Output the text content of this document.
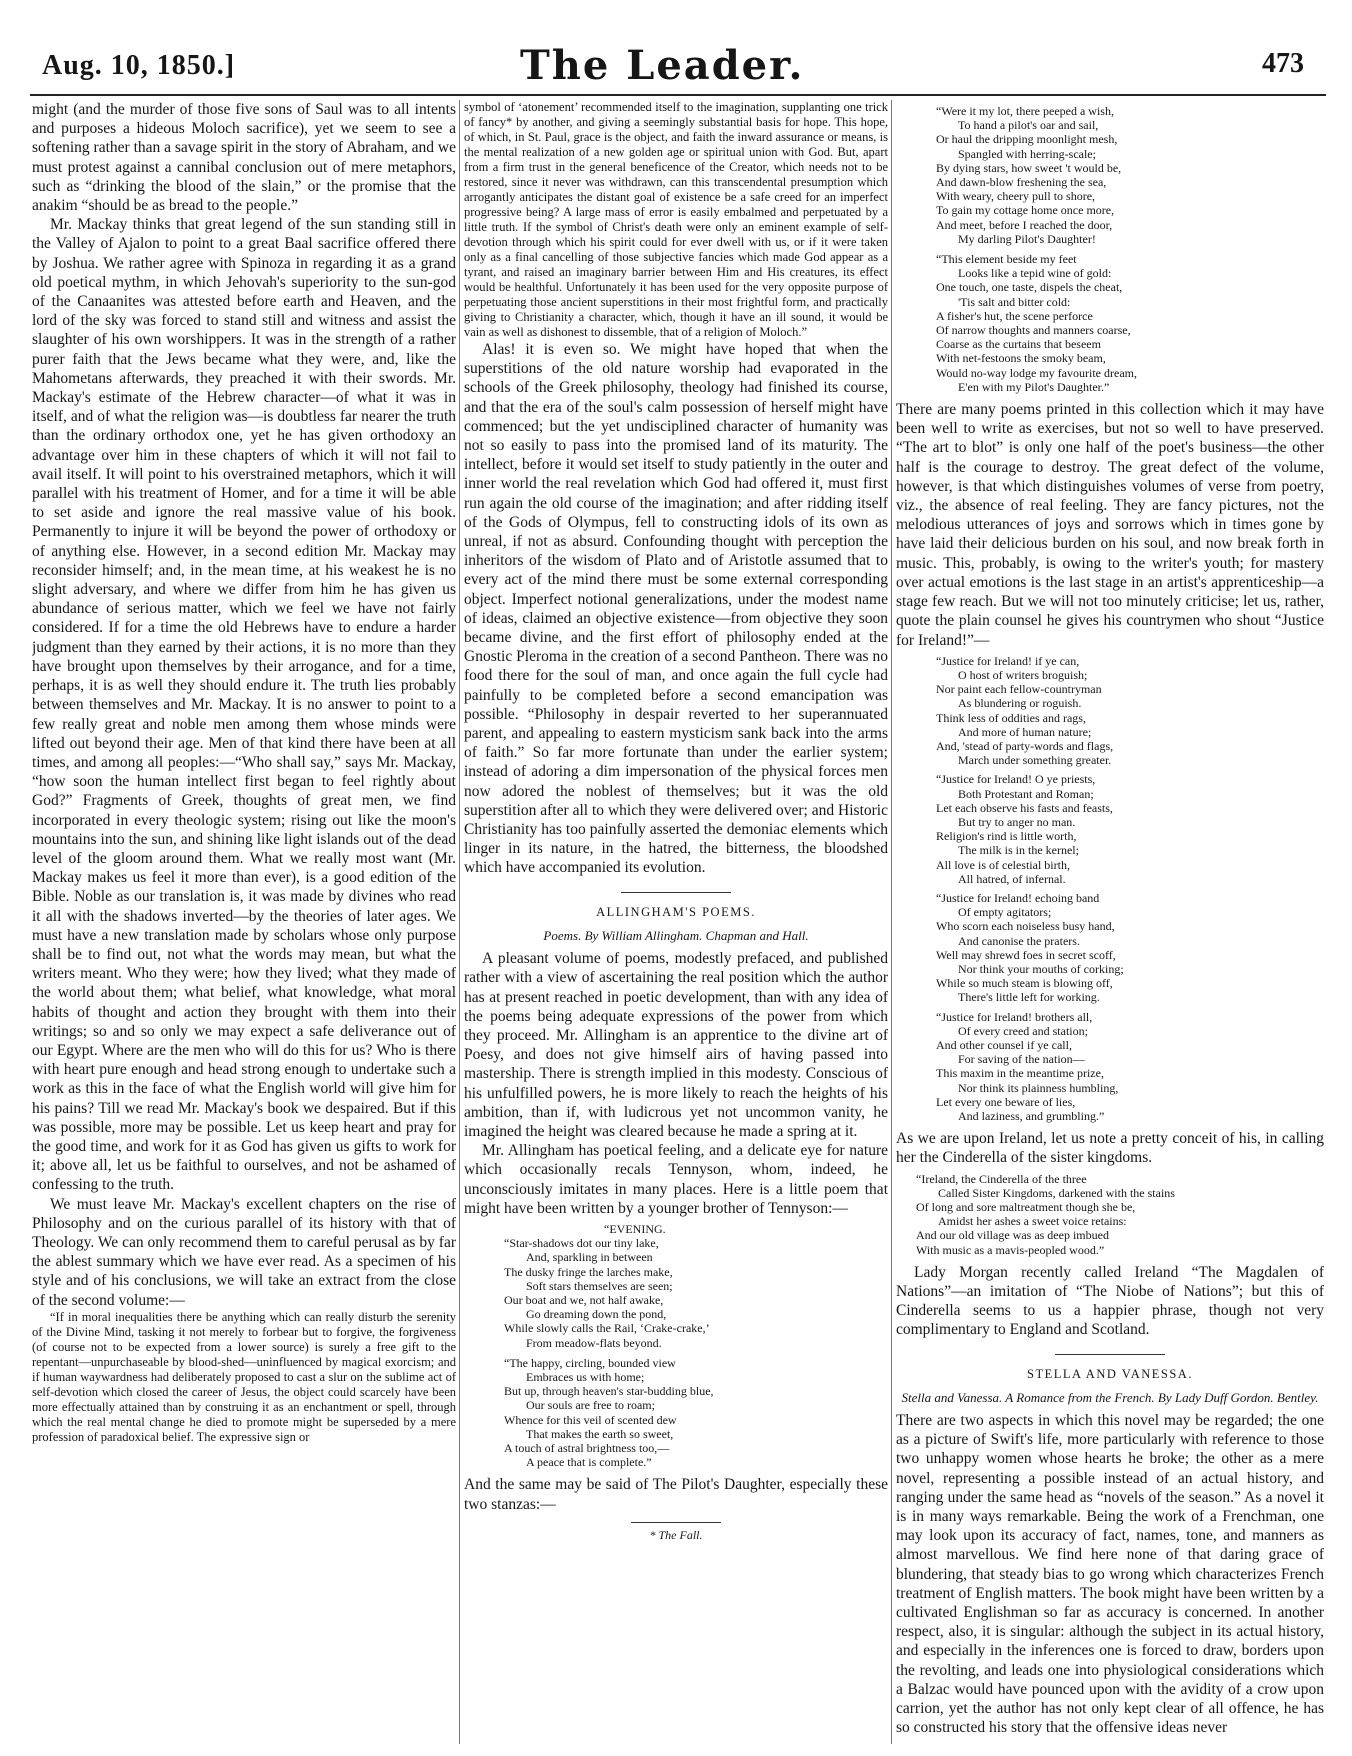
Aug. 10, 1850.]	The Leader.	473

might (and the murder of those five sons of Saul was to all intents and purposes a hideous Moloch sacrifice), yet we seem to see a softening rather than a savage spirit in the story of Abraham, and we must protest against a cannibal conclusion out of mere metaphors, such as “drinking the blood of the slain,” or the promise that the anakim “should be as bread to the people.”

Mr. Mackay thinks that great legend of the sun standing still in the Valley of Ajalon to point to a great Baal sacrifice offered there by Joshua. We rather agree with Spinoza in regarding it as a grand old poetical mythm, in which Jehovah's superiority to the sun-god of the Canaanites was attested before earth and Heaven, and the lord of the sky was forced to stand still and witness and assist the slaughter of his own worshippers. It was in the strength of a rather purer faith that the Jews became what they were, and, like the Mahometans afterwards, they preached it with their swords. Mr. Mackay's estimate of the Hebrew character—of what it was in itself, and of what the religion was—is doubtless far nearer the truth than the ordinary orthodox one, yet he has given orthodoxy an advantage over him in these chapters of which it will not fail to avail itself. It will point to his overstrained metaphors, which it will parallel with his treatment of Homer, and for a time it will be able to set aside and ignore the real massive value of his book. Permanently to injure it will be beyond the power of orthodoxy or of anything else. However, in a second edition Mr. Mackay may reconsider himself; and, in the mean time, at his weakest he is no slight adversary, and where we differ from him he has given us abundance of serious matter, which we feel we have not fairly considered. If for a time the old Hebrews have to endure a harder judgment than they earned by their actions, it is no more than they have brought upon themselves by their arrogance, and for a time, perhaps, it is as well they should endure it. The truth lies probably between themselves and Mr. Mackay. It is no answer to point to a few really great and noble men among them whose minds were lifted out beyond their age. Men of that kind there have been at all times, and among all peoples:—“Who shall say,” says Mr. Mackay, “how soon the human intellect first began to feel rightly about God?” Fragments of Greek, thoughts of great men, we find incorporated in every theologic system; rising out like the moon's mountains into the sun, and shining like light islands out of the dead level of the gloom around them. What we really most want (Mr. Mackay makes us feel it more than ever), is a good edition of the Bible. Noble as our translation is, it was made by divines who read it all with the shadows inverted—by the theories of later ages. We must have a new translation made by scholars whose only purpose shall be to find out, not what the words may mean, but what the writers meant. Who they were; how they lived; what they made of the world about them; what belief, what knowledge, what moral habits of thought and action they brought with them into their writings; so and so only we may expect a safe deliverance out of our Egypt. Where are the men who will do this for us? Who is there with heart pure enough and head strong enough to undertake such a work as this in the face of what the English world will give him for his pains? Till we read Mr. Mackay's book we despaired. But if this was possible, more may be possible. Let us keep heart and pray for the good time, and work for it as God has given us gifts to work for it; above all, let us be faithful to ourselves, and not be ashamed of confessing to the truth.

We must leave Mr. Mackay's excellent chapters on the rise of Philosophy and on the curious parallel of its history with that of Theology. We can only recommend them to careful perusal as by far the ablest summary which we have ever read. As a specimen of his style and of his conclusions, we will take an extract from the close of the second volume:—

“If in moral inequalities there be anything which can really disturb the serenity of the Divine Mind, tasking it not merely to forbear but to forgive, the forgiveness (of course not to be expected from a lower source) is surely a free gift to the repentant—unpurchaseable by blood-shed—uninfluenced by magical exorcism; and if human waywardness had deliberately proposed to cast a slur on the sublime act of self-devotion which closed the career of Jesus, the object could scarcely have been more effectually attained than by construing it as an enchantment or spell, through which the real mental change he died to promote might be superseded by a mere profession of paradoxical belief. The expressive sign or

symbol of ‘atonement’ recommended itself to the imagination, supplanting one trick of fancy* by another, and giving a seemingly substantial basis for hope. This hope, of which, in St. Paul, grace is the object, and faith the inward assurance or means, is the mental realization of a new golden age or spiritual union with God. But, apart from a firm trust in the general beneficence of the Creator, which needs not to be restored, since it never was withdrawn, can this transcendental presumption which arrogantly anticipates the distant goal of existence be a safe creed for an imperfect progressive being? A large mass of error is easily embalmed and perpetuated by a little truth. If the symbol of Christ's death were only an eminent example of self-devotion through which his spirit could for ever dwell with us, or if it were taken only as a final cancelling of those subjective fancies which made God appear as a tyrant, and raised an imaginary barrier between Him and His creatures, its effect would be healthful. Unfortunately it has been used for the very opposite purpose of perpetuating those ancient superstitions in their most frightful form, and practically giving to Christianity a character, which, though it have an ill sound, it would be vain as well as dishonest to dissemble, that of a religion of Moloch.”

Alas! it is even so. We might have hoped that when the superstitions of the old nature worship had evaporated in the schools of the Greek philosophy, theology had finished its course, and that the era of the soul's calm possession of herself might have commenced; but the yet undisciplined character of humanity was not so easily to pass into the promised land of its maturity. The intellect, before it would set itself to study patiently in the outer and inner world the real revelation which God had offered it, must first run again the old course of the imagination; and after ridding itself of the Gods of Olympus, fell to constructing idols of its own as unreal, if not as absurd. Confounding thought with perception the inheritors of the wisdom of Plato and of Aristotle assumed that to every act of the mind there must be some external corresponding object. Imperfect notional generalizations, under the modest name of ideas, claimed an objective existence—from objective they soon became divine, and the first effort of philosophy ended at the Gnostic Pleroma in the creation of a second Pantheon. There was no food there for the soul of man, and once again the full cycle had painfully to be completed before a second emancipation was possible. “Philosophy in despair reverted to her superannuated parent, and appealing to eastern mysticism sank back into the arms of faith.” So far more fortunate than under the earlier system; instead of adoring a dim impersonation of the physical forces men now adored the noblest of themselves; but it was the old superstition after all to which they were delivered over; and Historic Christianity has too painfully asserted the demoniac elements which linger in its nature, in the hatred, the bitterness, the bloodshed which have accompanied its evolution.

ALLINGHAM'S POEMS.
Poems. By William Allingham. Chapman and Hall.

A pleasant volume of poems, modestly prefaced, and published rather with a view of ascertaining the real position which the author has at present reached in poetic development, than with any idea of the poems being adequate expressions of the power from which they proceed. Mr. Allingham is an apprentice to the divine art of Poesy, and does not give himself airs of having passed into mastership. There is strength implied in this modesty. Conscious of his unfulfilled powers, he is more likely to reach the heights of his ambition, than if, with ludicrous yet not uncommon vanity, he imagined the height was cleared because he made a spring at it.

Mr. Allingham has poetical feeling, and a delicate eye for nature which occasionally recals Tennyson, whom, indeed, he unconsciously imitates in many places. Here is a little poem that might have been written by a younger brother of Tennyson:—

“EVENING.
“Star-shadows dot our tiny lake,
And, sparkling in between
The dusky fringe the larches make,
Soft stars themselves are seen;
Our boat and we, not half awake,
Go dreaming down the pond,
While slowly calls the Rail, ‘Crake-crake,’
From meadow-flats beyond.
“The happy, circling, bounded view
Embraces us with home;
But up, through heaven's star-budding blue,
Our souls are free to roam;
Whence for this veil of scented dew
That makes the earth so sweet,
A touch of astral brightness too,—
A peace that is complete.”

And the same may be said of The Pilot's Daughter, especially these two stanzas:—

* The Fall.
“Were it my lot, there peeped a wish,
To hand a pilot's oar and sail,
Or haul the dripping moonlight mesh,
Spangled with herring-scale;
By dying stars, how sweet 't would be,
And dawn-blow freshening the sea,
With weary, cheery pull to shore,
To gain my cottage home once more,
And meet, before I reached the door,
My darling Pilot's Daughter!
“This element beside my feet
Looks like a tepid wine of gold:
One touch, one taste, dispels the cheat,
'Tis salt and bitter cold:
A fisher's hut, the scene perforce
Of narrow thoughts and manners coarse,
Coarse as the curtains that beseem
With net-festoons the smoky beam,
Would no-way lodge my favourite dream,
E'en with my Pilot's Daughter.”

There are many poems printed in this collection which it may have been well to write as exercises, but not so well to have preserved. “The art to blot” is only one half of the poet's business—the other half is the courage to destroy. The great defect of the volume, however, is that which distinguishes volumes of verse from poetry, viz., the absence of real feeling. They are fancy pictures, not the melodious utterances of joys and sorrows which in times gone by have laid their delicious burden on his soul, and now break forth in music. This, probably, is owing to the writer's youth; for mastery over actual emotions is the last stage in an artist's apprenticeship—a stage few reach. But we will not too minutely criticise; let us, rather, quote the plain counsel he gives his countrymen who shout “Justice for Ireland!”—

“Justice for Ireland! if ye can,
O host of writers broguish;
Nor paint each fellow-countryman
As blundering or roguish.
Think less of oddities and rags,
And more of human nature;
And, 'stead of party-words and flags,
March under something greater.
“Justice for Ireland! O ye priests,
Both Protestant and Roman;
Let each observe his fasts and feasts,
But try to anger no man.
Religion's rind is little worth,
The milk is in the kernel;
All love is of celestial birth,
All hatred, of infernal.
“Justice for Ireland! echoing band
Of empty agitators;
Who scorn each noiseless busy hand,
And canonise the praters.
Well may shrewd foes in secret scoff,
Nor think your mouths of corking;
While so much steam is blowing off,
There's little left for working.
“Justice for Ireland! brothers all,
Of every creed and station;
And other counsel if ye call,
For saving of the nation—
This maxim in the meantime prize,
Nor think its plainness humbling,
Let every one beware of lies,
And laziness, and grumbling.”

As we are upon Ireland, let us note a pretty conceit of his, in calling her the Cinderella of the sister kingdoms.

“Ireland, the Cinderella of the three
Called Sister Kingdoms, darkened with the stains
Of long and sore maltreatment though she be,
Amidst her ashes a sweet voice retains:
And our old village was as deep imbued
With music as a mavis-peopled wood.”

Lady Morgan recently called Ireland “The Magdalen of Nations”—an imitation of “The Niobe of Nations”; but this of Cinderella seems to us a happier phrase, though not very complimentary to England and Scotland.

STELLA AND VANESSA.
Stella and Vanessa. A Romance from the French. By Lady Duff Gordon. Bentley.

There are two aspects in which this novel may be regarded; the one as a picture of Swift's life, more particularly with reference to those two unhappy women whose hearts he broke; the other as a mere novel, representing a possible instead of an actual history, and ranging under the same head as “novels of the season.” As a novel it is in many ways remarkable. Being the work of a Frenchman, one may look upon its accuracy of fact, names, tone, and manners as almost marvellous. We find here none of that daring grace of blundering, that steady bias to go wrong which characterizes French treatment of English matters. The book might have been written by a cultivated Englishman so far as accuracy is concerned. In another respect, also, it is singular: although the subject in its actual history, and especially in the inferences one is forced to draw, borders upon the revolting, and leads one into physiological considerations which a Balzac would have pounced upon with the avidity of a crow upon carrion, yet the author has not only kept clear of all offence, he has so constructed his story that the offensive ideas never
